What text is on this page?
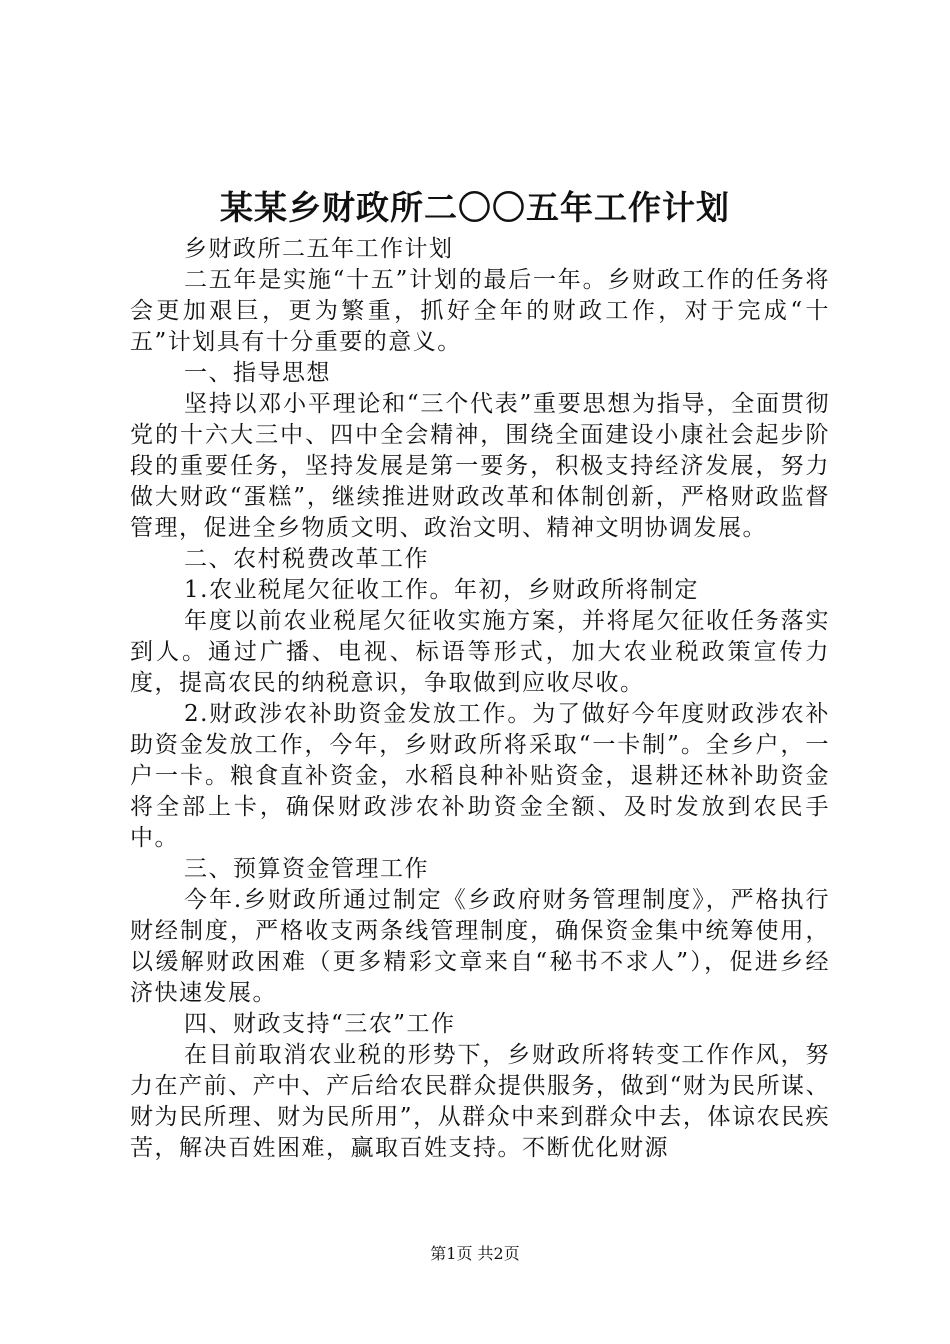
某某乡财政所二〇〇五年工作计划

乡财政所二五年工作计划

二五年是实施“十五”计划的最后一年。乡财政工作的任务将会更加艰巨，更为繁重，抓好全年的财政工作，对于完成“十五”计划具有十分重要的意义。

一、指导思想

坚持以邓小平理论和“三个代表”重要思想为指导，全面贯彻党的十六大三中、四中全会精神，围绕全面建设小康社会起步阶段的重要任务，坚持发展是第一要务，积极支持经济发展，努力做大财政“蛋糕”，继续推进财政改革和体制创新，严格财政监督管理，促进全乡物质文明、政治文明、精神文明协调发展。

二、农村税费改革工作

1.农业税尾欠征收工作。年初，乡财政所将制定

年度以前农业税尾欠征收实施方案，并将尾欠征收任务落实到人。通过广播、电视、标语等形式，加大农业税政策宣传力度，提高农民的纳税意识，争取做到应收尽收。

2.财政涉农补助资金发放工作。为了做好今年度财政涉农补助资金发放工作，今年，乡财政所将采取“一卡制”。全乡户，一户一卡。粮食直补资金，水稻良种补贴资金，退耕还林补助资金将全部上卡，确保财政涉农补助资金全额、及时发放到农民手中。

三、预算资金管理工作

今年.乡财政所通过制定《乡政府财务管理制度》，严格执行财经制度，严格收支两条线管理制度，确保资金集中统筹使用，以缓解财政困难（更多精彩文章来自“秘书不求人”），促进乡经济快速发展。

四、财政支持“三农”工作

在目前取消农业税的形势下，乡财政所将转变工作作风，努力在产前、产中、产后给农民群众提供服务，做到“财为民所谋、财为民所理、财为民所用”，从群众中来到群众中去，体谅农民疾苦，解决百姓困难，赢取百姓支持。不断优化财源

第1页 共2页
